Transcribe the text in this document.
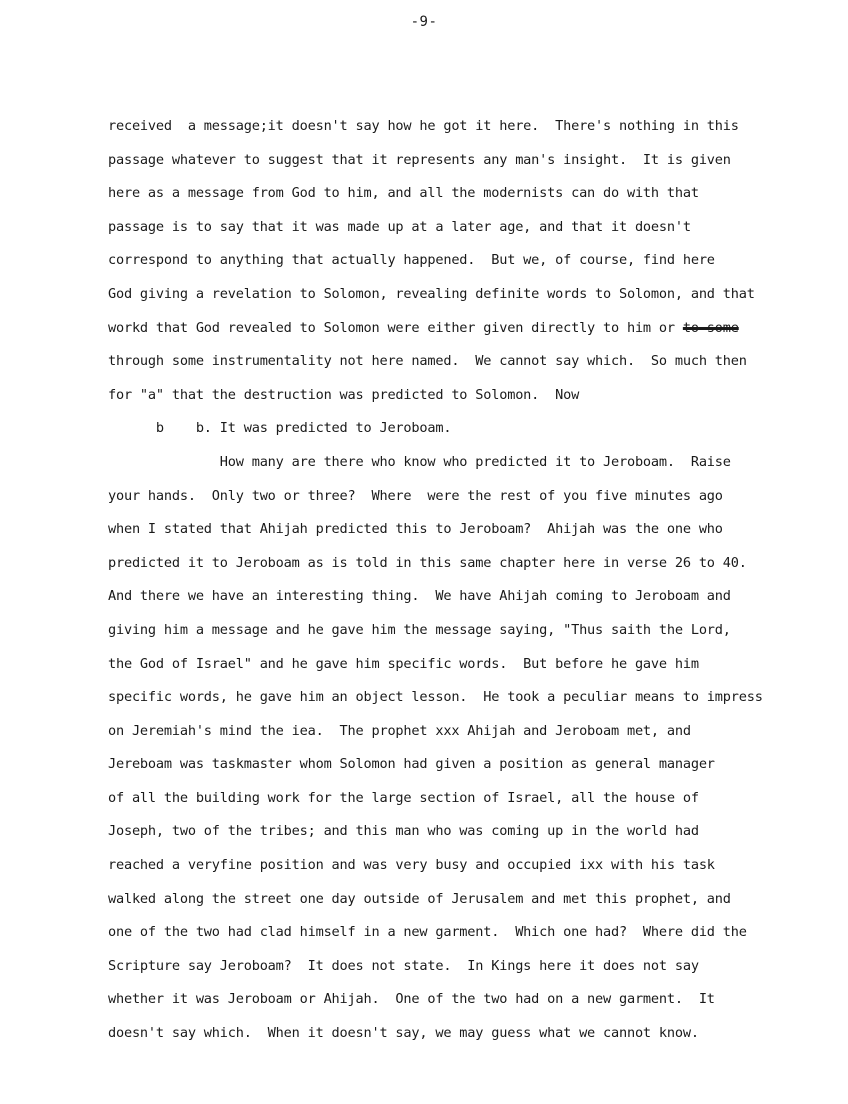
-9-
received  a message;it doesn't say how he got it here.  There's nothing in this
passage whatever to suggest that it represents any man's insight.  It is given
here as a message from God to him, and all the modernists can do with that
passage is to say that it was made up at a later age, and that it doesn't
correspond to anything that actually happened.  But we, of course, find here
God giving a revelation to Solomon, revealing definite words to Solomon, and that
workd that God revealed to Solomon were either given directly to him or to some
through some instrumentality not here named.  We cannot say which.  So much then
for "a" that the destruction was predicted to Solomon.  Now
b    b. It was predicted to Jeroboam.
How many are there who know who predicted it to Jeroboam.  Raise
your hands.  Only two or three?  Where  were the rest of you five minutes ago
when I stated that Ahijah predicted this to Jeroboam?  Ahijah was the one who
predicted it to Jeroboam as is told in this same chapter here in verse 26 to 40.
And there we have an interesting thing.  We have Ahijah coming to Jeroboam and
giving him a message and he gave him the message saying, "Thus saith the Lord,
the God of Israel" and he gave him specific words.  But before he gave him
specific words, he gave him an object lesson.  He took a peculiar means to impress
on Jeremiah's mind the iea.  The prophet xxx Ahijah and Jeroboam met, and
Jereboam was taskmaster whom Solomon had given a position as general manager
of all the building work for the large section of Israel, all the house of
Joseph, two of the tribes; and this man who was coming up in the world had
reached a veryfine position and was very busy and occupied ixx with his task
walked along the street one day outside of Jerusalem and met this prophet, and
one of the two had clad himself in a new garment.  Which one had?  Where did the
Scripture say Jeroboam?  It does not state.  In Kings here it does not say
whether it was Jeroboam or Ahijah.  One of the two had on a new garment.  It
doesn't say which.  When it doesn't say, we may guess what we cannot know.
